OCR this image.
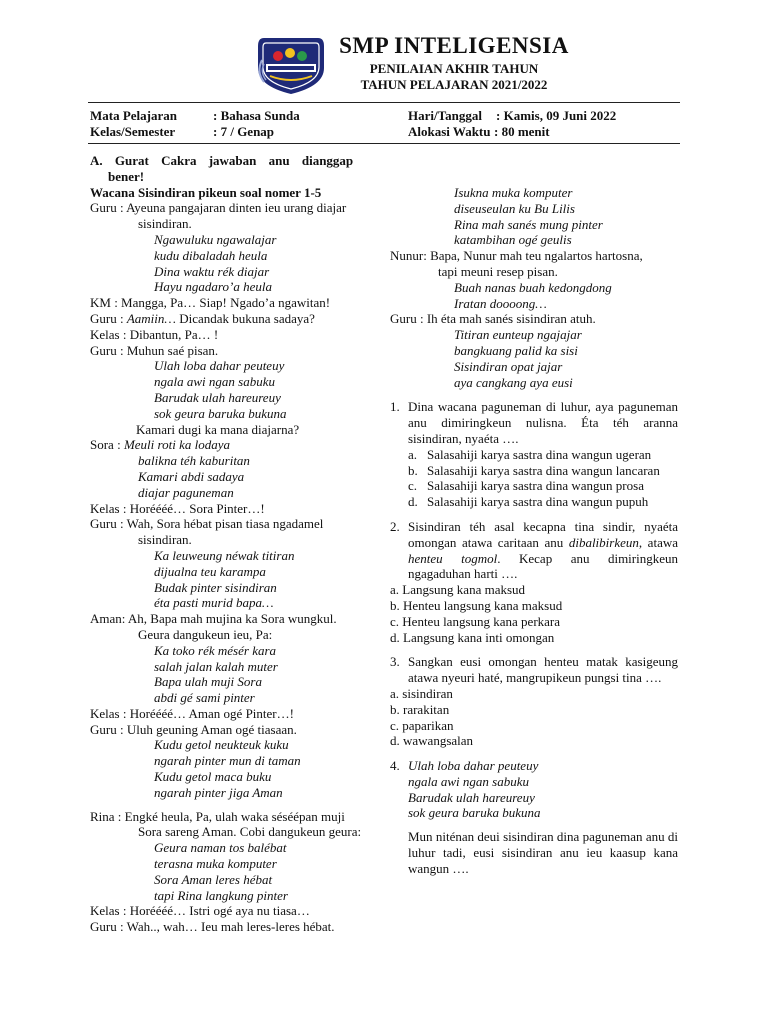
SMP INTELIGENSIA
PENILAIAN AKHIR TAHUN
TAHUN PELAJARAN 2021/2022
Mata Pelajaran	: Bahasa Sunda
Kelas/Semester	: 7 / Genap
Hari/Tanggal : Kamis, 09 Juni 2022
Alokasi Waktu : 80 menit
A. Gurat Cakra jawaban anu dianggap
bener!
Wacana Sisindiran pikeun soal nomer 1-5
Guru : Ayeuna pangajaran dinten ieu urang diajar
sisindiran.
Ngawuluku ngawalajar
kudu dibaladah heula
Dina waktu rék diajar
Hayu ngadaro’a heula
KM : Mangga, Pa… Siap! Ngado’a ngawitan!
Guru : Aamiin… Dicandak bukuna sadaya?
Kelas : Dibantun, Pa… !
Guru : Muhun saé pisan.
Ulah loba dahar peuteuy
ngala awi ngan sabuku
Barudak ulah hareureuy
sok geura baruka bukuna
Kamari dugi ka mana diajarna?
Sora : Meuli roti ka lodaya
balikna téh kaburitan
Kamari abdi sadaya
diajar paguneman
Kelas : Horéééé… Sora Pinter…!
Guru : Wah, Sora hébat pisan tiasa ngadamel
sisindiran.
Ka leuweung néwak titiran
dijualna teu karampa
Budak pinter sisindiran
éta pasti murid bapa…
Aman: Ah, Bapa mah mujina ka Sora wungkul.
Geura dangukeun ieu, Pa:
Ka toko rék mésér kara
salah jalan kalah muter
Bapa ulah muji Sora
abdi gé sami pinter
Kelas : Horéééé… Aman ogé Pinter…!
Guru : Uluh geuning Aman ogé tiasaan.
Kudu getol neukteuk kuku
ngarah pinter mun di taman
Kudu getol maca buku
ngarah pinter jiga Aman
Rina : Engké heula, Pa, ulah waka séséépan muji
Sora sareng Aman. Cobi dangukeun geura:
Geura naman tos balébat
terasna muka komputer
Sora Aman leres hébat
tapi Rina langkung pinter
Kelas : Horéééé… Istri ogé aya nu tiasa…
Guru : Wah.., wah… Ieu mah leres-leres hébat.
Isukna muka komputer
diseuseulan ku Bu Lilis
Rina mah sanés mung pinter
katambihan ogé geulis
Nunur: Bapa, Nunur mah teu ngalartos hartosna,
tapi meuni resep pisan.
Buah nanas buah kedongdong
Iratan doooong…
Guru : Ih éta mah sanés sisindiran atuh.
Titiran eunteup ngajajar
bangkuang palid ka sisi
Sisindiran opat jajar
aya cangkang aya eusi
1. Dina wacana paguneman di luhur, aya paguneman anu dimiringkeun nulisna. Éta téh aranna sisindiran, nyaéta ….
a. Salasahiji karya sastra dina wangun ugeran
b. Salasahiji karya sastra dina wangun lancaran
c. Salasahiji karya sastra dina wangun prosa
d. Salasahiji karya sastra dina wangun pupuh
2. Sisindiran téh asal kecapna tina sindir, nyaéta omongan atawa caritaan anu dibalibirkeun, atawa henteu togmol. Kecap anu dimiringkeun ngagaduhan harti ….
a. Langsung kana maksud
b. Henteu langsung kana maksud
c. Henteu langsung kana perkara
d. Langsung kana inti omongan
3. Sangkan eusi omongan henteu matak kasigeung atawa nyeuri haté, mangrupikeun pungsi tina ….
a. sisindiran
b. rarakitan
c. paparikan
d. wawangsalan
4. Ulah loba dahar peuteuy
ngala awi ngan sabuku
Barudak ulah hareureuy
sok geura baruka bukuna
Mun niténan deui sisindiran dina paguneman anu di luhur tadi, eusi sisindiran anu ieu kaasup kana wangun ….
